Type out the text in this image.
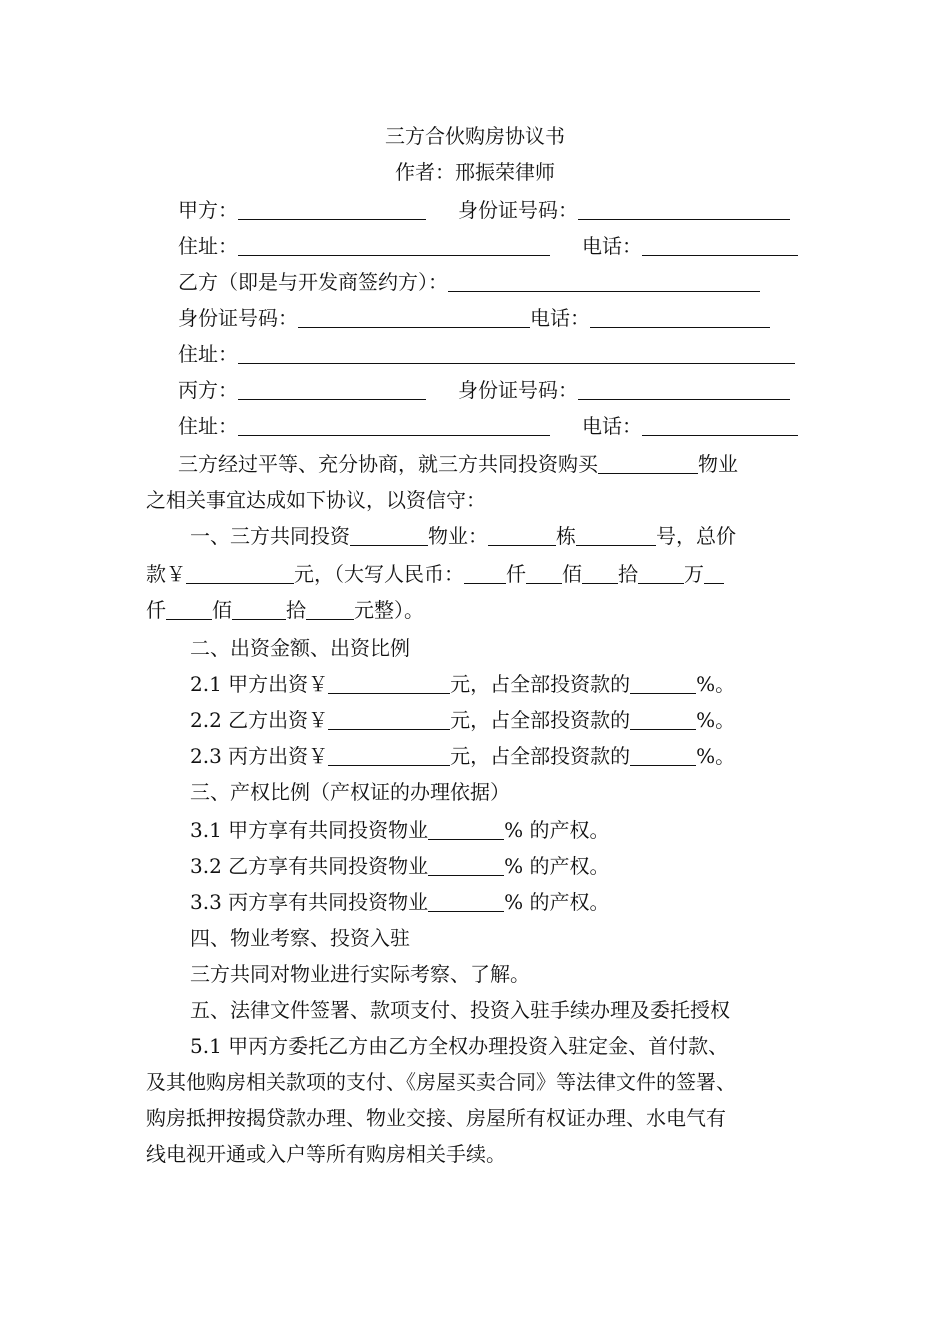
三方合伙购房协议书
作者：邢振荣律师
甲方：	身份证号码：
住址：	电话：
乙方（即是与开发商签约方）：
身份证号码：	电话：
住址：
丙方：	身份证号码：
住址：	电话：
三方经过平等、充分协商，就三方共同投资购买	物业
之相关事宜达成如下协议，以资信守：
一、三方共同投资	物业：	栋	号，总价
款￥	元，（大写人民币： 仟 佰 拾 万
仟 佰	拾 元整）。
二、出资金额、出资比例
2.1 甲方出资￥	元，占全部投资款的	%。
2.2 乙方出资￥	元，占全部投资款的	%。
2.3 丙方出资￥	元，占全部投资款的	%。
三、产权比例（产权证的办理依据）
3.1 甲方享有共同投资物业	% 的产权。
3.2 乙方享有共同投资物业	% 的产权。
3.3 丙方享有共同投资物业	% 的产权。
四、物业考察、投资入驻
三方共同对物业进行实际考察、了解。
五、法律文件签署、款项支付、投资入驻手续办理及委托授权
5.1 甲丙方委托乙方由乙方全权办理投资入驻定金、首付款、
及其他购房相关款项的支付、《房屋买卖合同》等法律文件的签署、
购房抵押按揭贷款办理、物业交接、房屋所有权证办理、水电气有
线电视开通或入户等所有购房相关手续。
